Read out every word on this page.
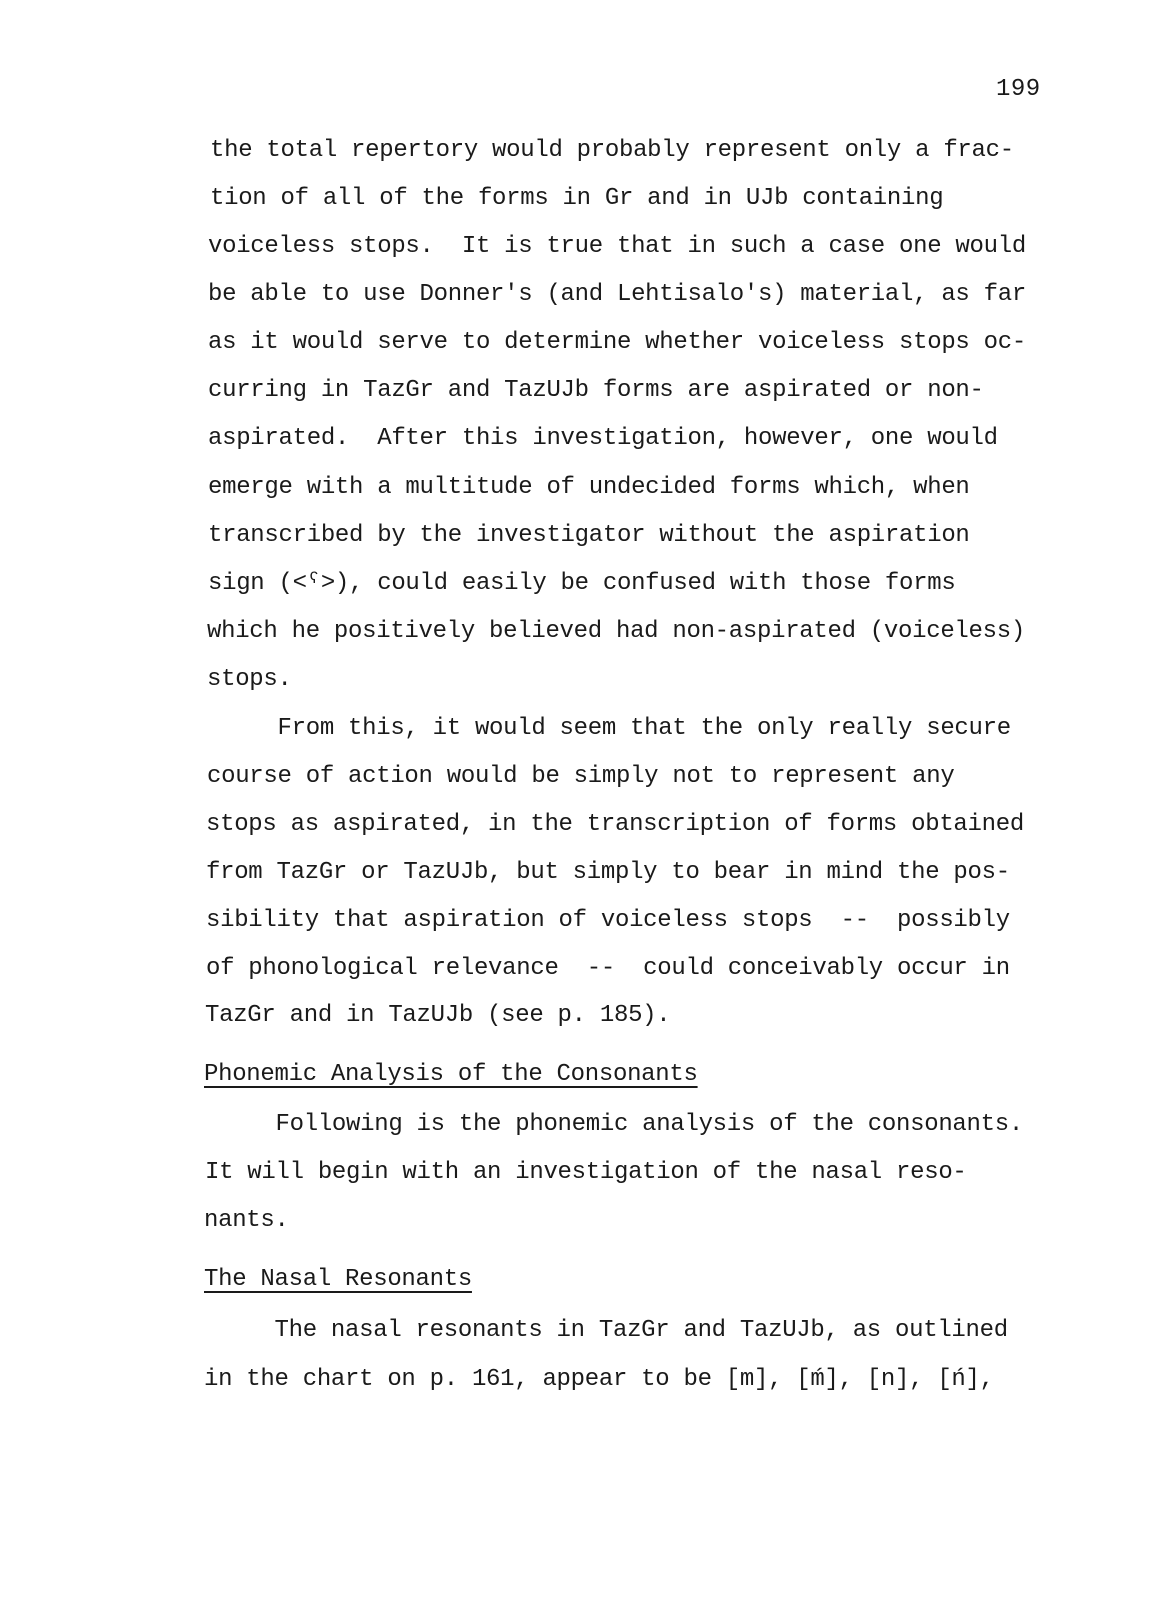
199
the total repertory would probably represent only a frac-
tion of all of the forms in Gr and in UJb containing
voiceless stops.  It is true that in such a case one would
be able to use Donner's (and Lehtisalo's) material, as far
as it would serve to determine whether voiceless stops oc-
curring in TazGr and TazUJb forms are aspirated or non-
aspirated.  After this investigation, however, one would
emerge with a multitude of undecided forms which, when
transcribed by the investigator without the aspiration
sign (<ˤ>), could easily be confused with those forms
which he positively believed had non-aspirated (voiceless)
stops.
From this, it would seem that the only really secure
course of action would be simply not to represent any
stops as aspirated, in the transcription of forms obtained
from TazGr or TazUJb, but simply to bear in mind the pos-
sibility that aspiration of voiceless stops  --  possibly
of phonological relevance  --  could conceivably occur in
TazGr and in TazUJb (see p. 185).
Phonemic Analysis of the Consonants
Following is the phonemic analysis of the consonants.
It will begin with an investigation of the nasal reso-
nants.
The Nasal Resonants
The nasal resonants in TazGr and TazUJb, as outlined
in the chart on p. 161, appear to be [m], [ḿ], [n], [ń],
